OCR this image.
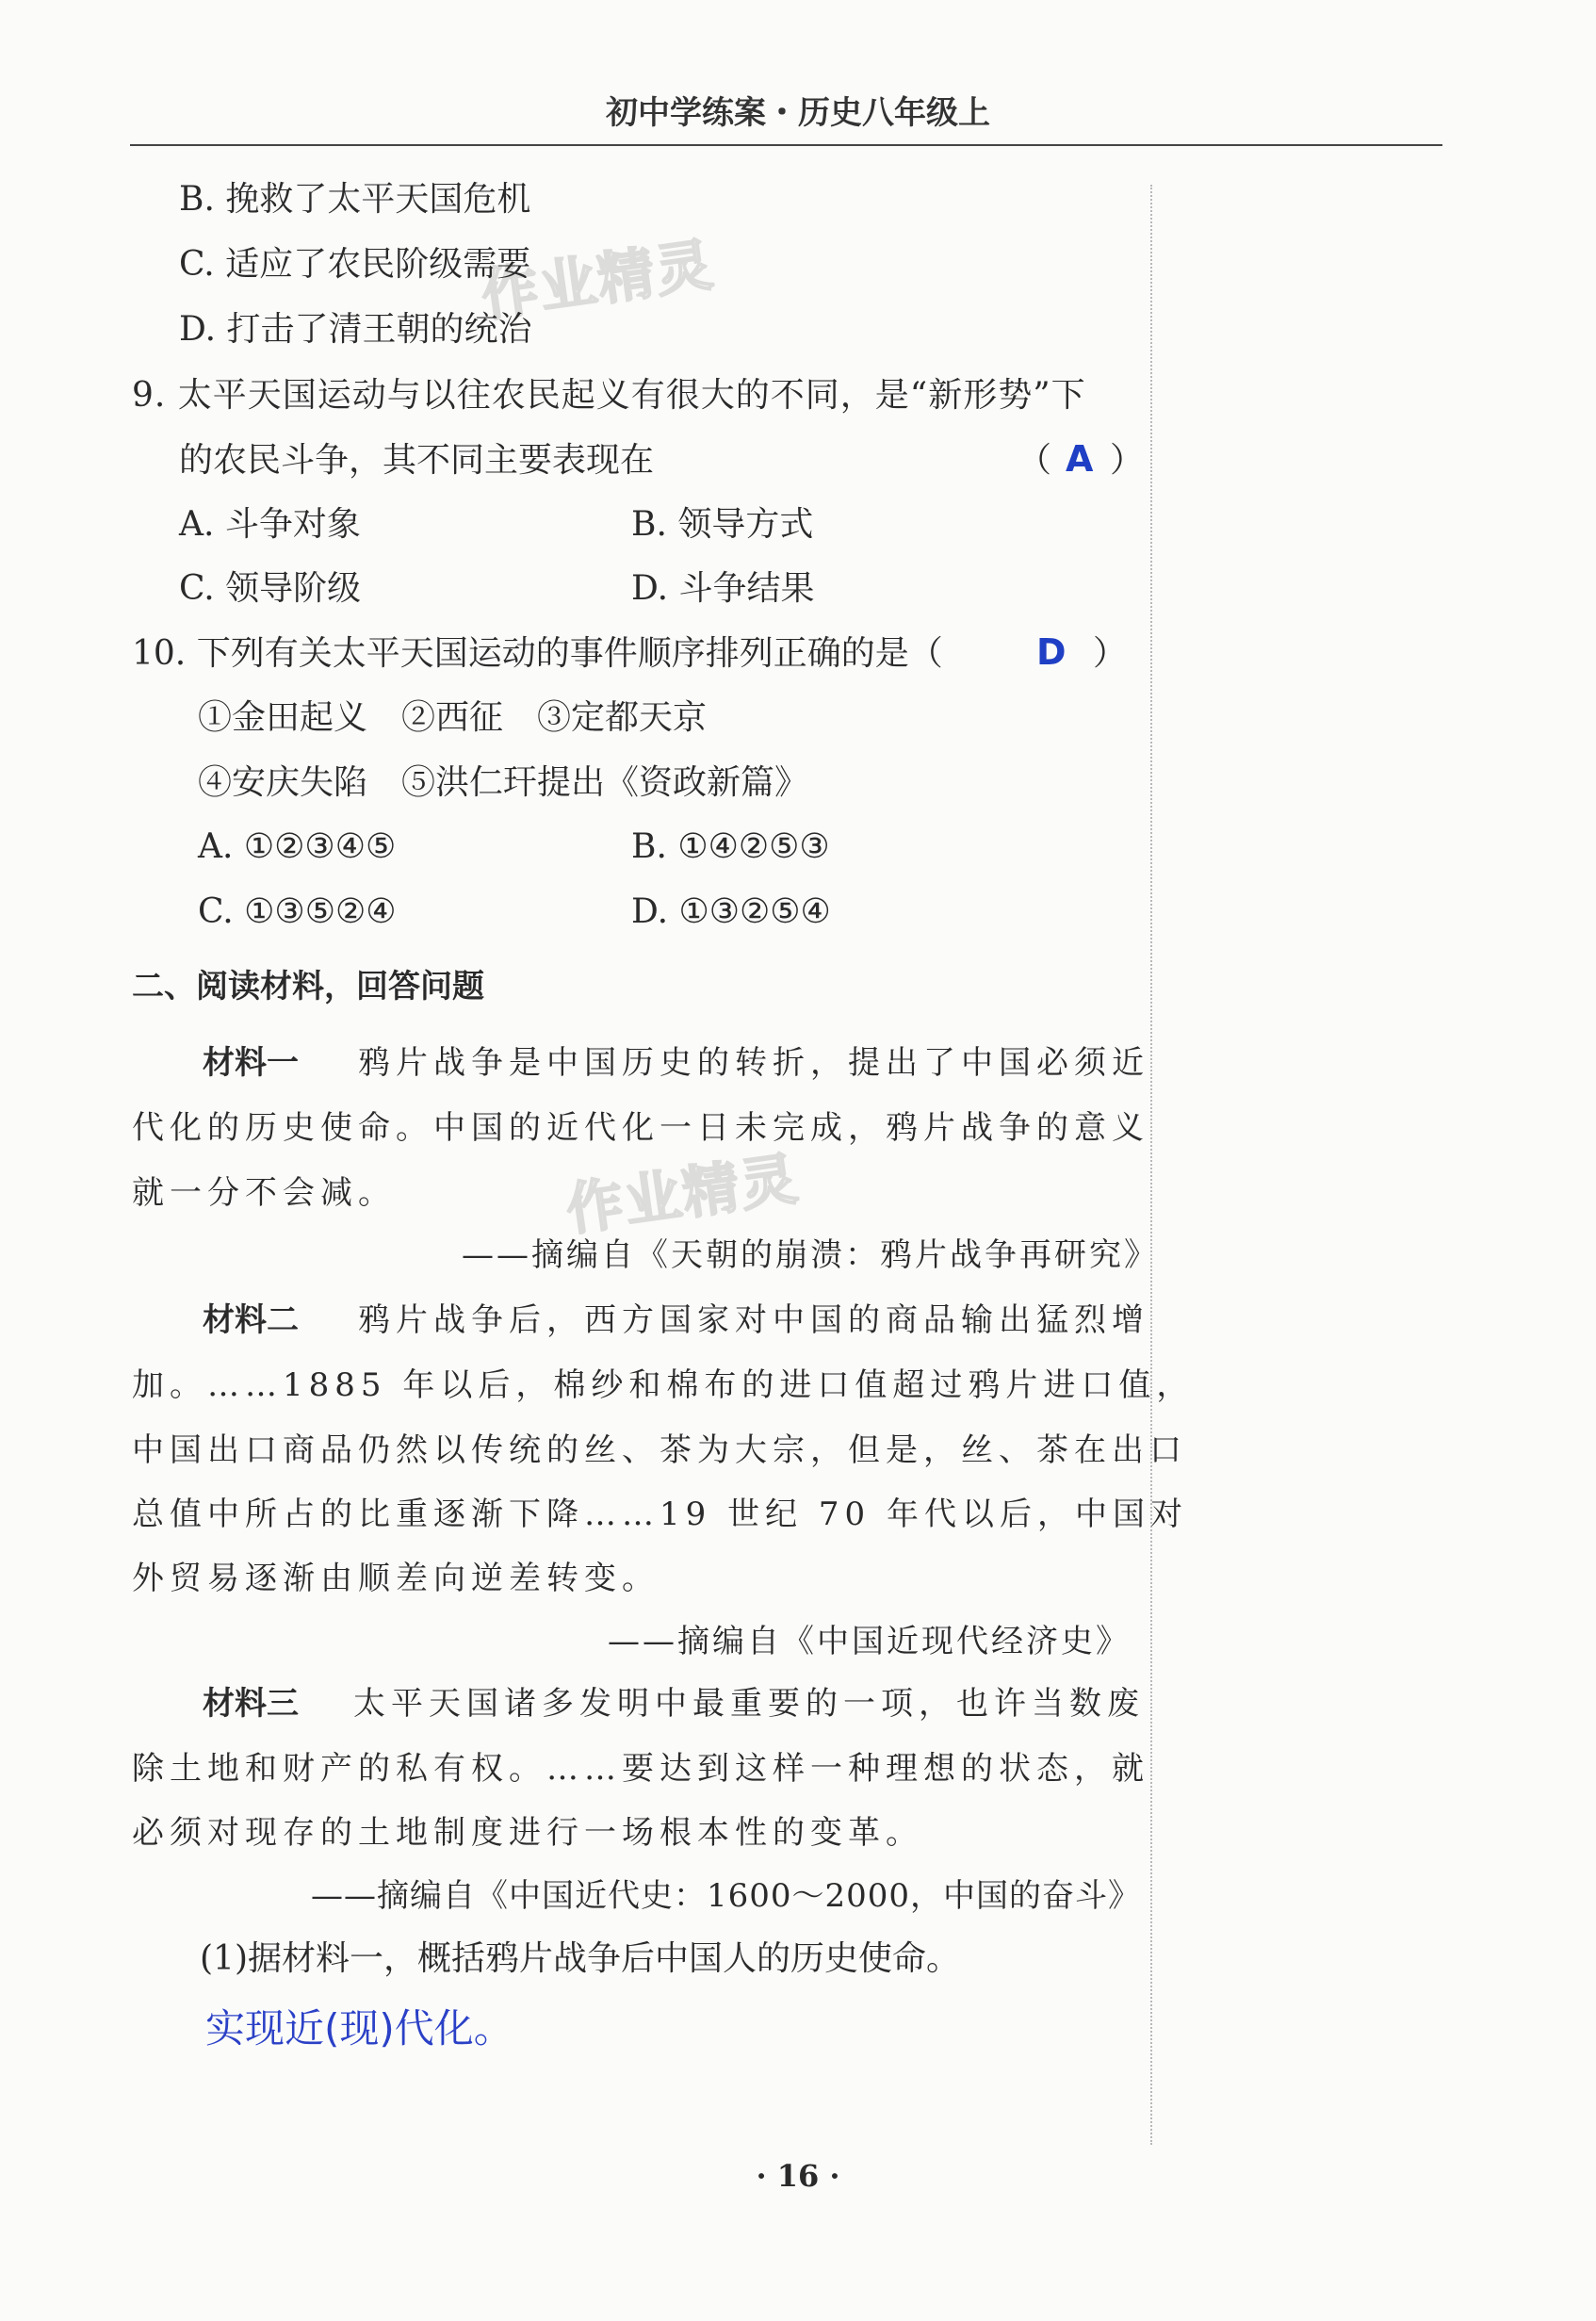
初中学练案・历史八年级上
作业精灵
作业精灵
B. 挽救了太平天国危机
C. 适应了农民阶级需要
D. 打击了清王朝的统治
9. 太平天国运动与以往农民起义有很大的不同，是“新形势”下
的农民斗争，其不同主要表现在	（ A ）
A. 斗争对象	B. 领导方式
C. 领导阶级	D. 斗争结果
10. 下列有关太平天国运动的事件顺序排列正确的是（	D ）
①金田起义　②西征　③定都天京
④安庆失陷　⑤洪仁玕提出《资政新篇》
A. ①②③④⑤	B. ①④②⑤③
C. ①③⑤②④	D. ①③②⑤④
二、阅读材料，回答问题
材料一 鸦片战争是中国历史的转折，提出了中国必须近
代化的历史使命。中国的近代化一日未完成，鸦片战争的意义
就一分不会减。
——摘编自《天朝的崩溃：鸦片战争再研究》
材料二 鸦片战争后，西方国家对中国的商品输出猛烈增
加。……1885 年以后，棉纱和棉布的进口值超过鸦片进口值，
中国出口商品仍然以传统的丝、茶为大宗，但是，丝、茶在出口
总值中所占的比重逐渐下降……19 世纪 70 年代以后，中国对
外贸易逐渐由顺差向逆差转变。
——摘编自《中国近现代经济史》
材料三 太平天国诸多发明中最重要的一项，也许当数废
除土地和财产的私有权。……要达到这样一种理想的状态，就
必须对现存的土地制度进行一场根本性的变革。
——摘编自《中国近代史：1600～2000，中国的奋斗》
(1)据材料一，概括鸦片战争后中国人的历史使命。
实现近(现)代化。
· 16 ·
